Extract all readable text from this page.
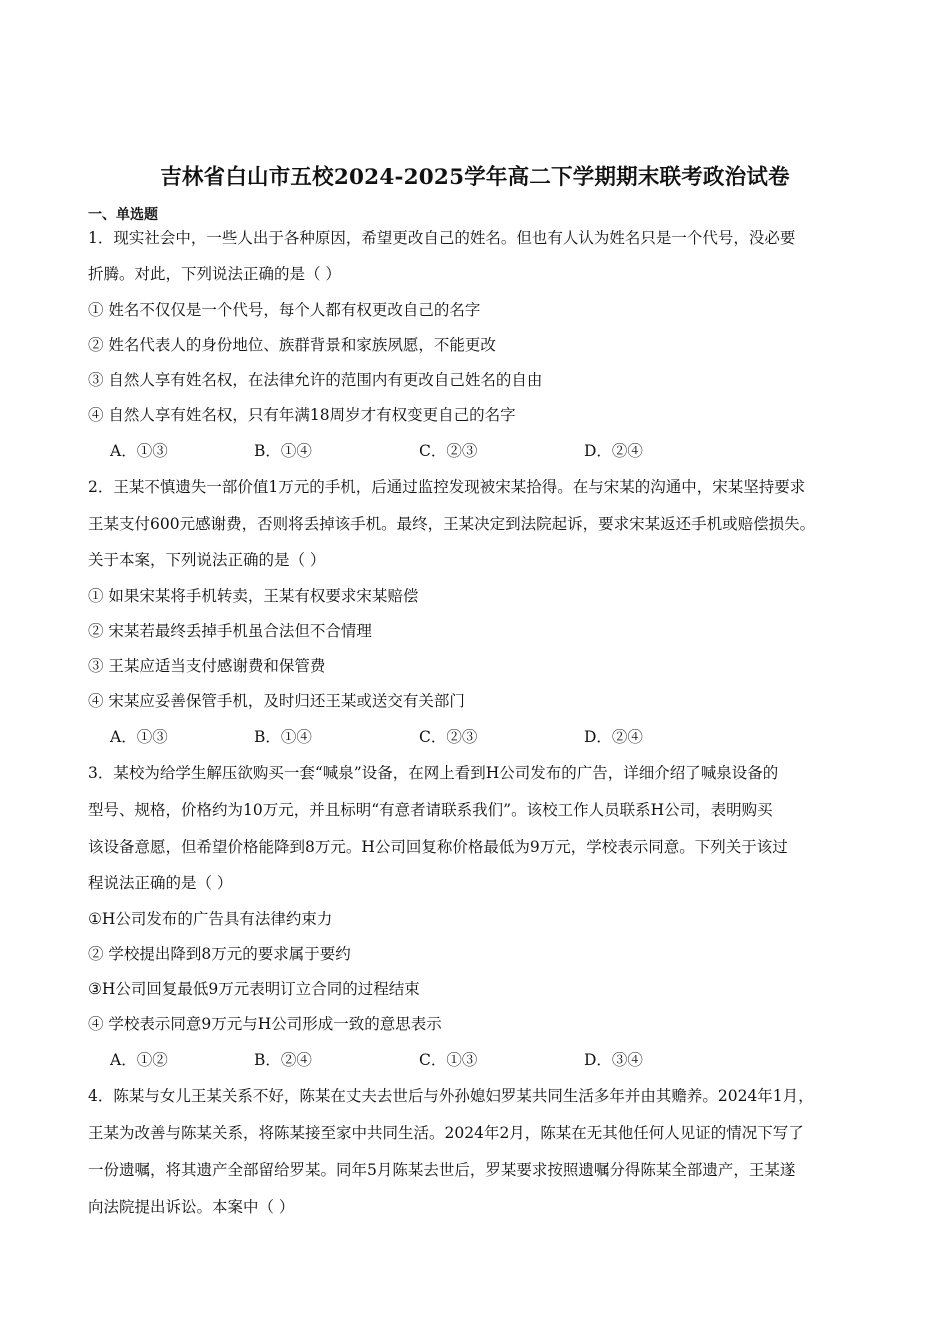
吉林省白山市五校2024-2025学年高二下学期期末联考政治试卷
一、单选题
1．现实社会中，一些人出于各种原因，希望更改自己的姓名。但也有人认为姓名只是一个代号，没必要
折腾。对此，下列说法正确的是（ ）
① 姓名不仅仅是一个代号，每个人都有权更改自己的名字
② 姓名代表人的身份地位、族群背景和家族夙愿，不能更改
③ 自然人享有姓名权，在法律允许的范围内有更改自己姓名的自由
④ 自然人享有姓名权，只有年满18周岁才有权变更自己的名字
A．①③	B．①④	C．②③	D．②④
2．王某不慎遗失一部价值1万元的手机，后通过监控发现被宋某拾得。在与宋某的沟通中，宋某坚持要求
王某支付600元感谢费，否则将丢掉该手机。最终，王某决定到法院起诉，要求宋某返还手机或赔偿损失。
关于本案，下列说法正确的是（ ）
① 如果宋某将手机转卖，王某有权要求宋某赔偿
② 宋某若最终丢掉手机虽合法但不合情理
③ 王某应适当支付感谢费和保管费
④ 宋某应妥善保管手机，及时归还王某或送交有关部门
A．①③	B．①④	C．②③	D．②④
3．某校为给学生解压欲购买一套“喊泉”设备，在网上看到H公司发布的广告，详细介绍了喊泉设备的
型号、规格，价格约为10万元，并且标明“有意者请联系我们”。该校工作人员联系H公司，表明购买
该设备意愿，但希望价格能降到8万元。H公司回复称价格最低为9万元，学校表示同意。下列关于该过
程说法正确的是（ ）
①H公司发布的广告具有法律约束力
② 学校提出降到8万元的要求属于要约
③H公司回复最低9万元表明订立合同的过程结束
④ 学校表示同意9万元与H公司形成一致的意思表示
A．①②	B．②④	C．①③	D．③④
4．陈某与女儿王某关系不好，陈某在丈夫去世后与外孙媳妇罗某共同生活多年并由其赡养。2024年1月，
王某为改善与陈某关系，将陈某接至家中共同生活。2024年2月，陈某在无其他任何人见证的情况下写了
一份遗嘱，将其遗产全部留给罗某。同年5月陈某去世后，罗某要求按照遗嘱分得陈某全部遗产，王某遂
向法院提出诉讼。本案中（ ）
